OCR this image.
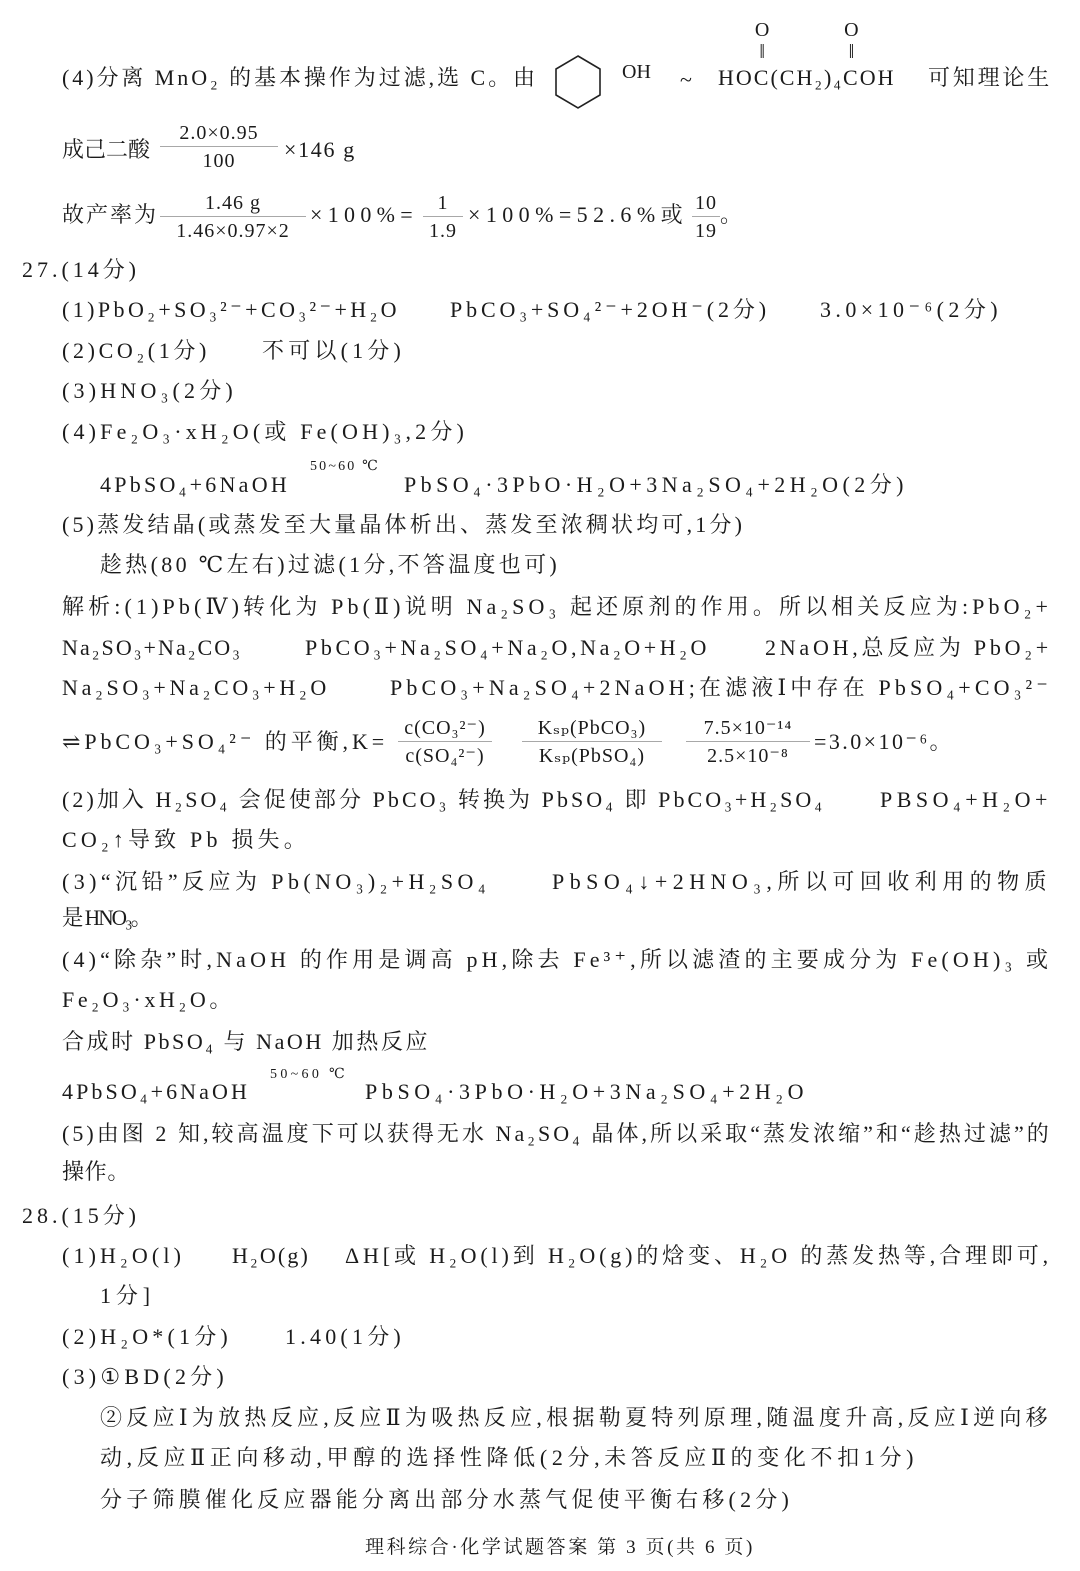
(4)分离 MnO₂ 的基本操作为过滤,选 C。由	OH ~ HOC
O
‖
(CH₂)₄C
O
‖
OH 可知理论生
成己二酸 $\frac{2.0\times 0.95}{100} \times 146$ g
故产率为 $\frac{1.46 g}{1.46\times 0.97\times 2} \times 100\%= \frac{1}{1.9} \times 100\%=52.6\%$或 $\frac{10}{19}$ 。
27.(14分)
(1)PbO₂+SO₃²⁻+CO₃²⁻+H₂O PbCO₃+SO₄²⁻+2OH⁻(2分) 3.0×10⁻⁶(2分)
(2)CO₂(1分) 不可以(1分)
(3)HNO₃(2分)
(4)Fe₂O₃·xH₂O(或 Fe(OH)₃,2分)
4PbSO₄+6NaOH
50~60 ℃
PbSO₄·3PbO·H₂O+3Na₂SO₄+2H₂O(2分)
(5)蒸发结晶(或蒸发至大量晶体析出、蒸发至浓稠状均可,1分)
趁热(80 ℃左右)过滤(1分,不答温度也可)
解析:(1)Pb(Ⅳ)转化为 Pb(Ⅱ)说明 Na₂SO₃ 起还原剂的作用。所以相关反应为:PbO₂+
Na₂SO₃+Na₂CO₃	PbCO₃+Na₂SO₄+Na₂O,Na₂O+H₂O 2NaOH,总反应为 PbO₂+
Na₂SO₃+Na₂CO₃+H₂O	PbCO₃+Na₂SO₄+2NaOH;在滤液Ⅰ中存在 PbSO₄+CO₃²⁻
⇌PbCO₃+SO₄²⁻ 的平衡$,K= \frac{\text{c(CO₃²⁻)}}{\text{c(SO₄²⁻)}}$	Kₛₚ(PbCO₃)
Kₛₚ(PbSO₄)	$\frac{\text{7.5×10⁻¹⁴}}{\text{2.5×10⁻⁸}} =3.0\times 10^{-6}$。
(2)加入 H₂SO₄ 会促使部分 PbCO₃ 转换为 PbSO₄ 即 PbCO₃+H₂SO₄ PBSO₄+H₂O+
CO₂↑导致 Pb 损失。
(3)“沉铅”反应为 Pb(NO₃)₂+H₂SO₄	PbSO₄↓+2HNO₃,所以可回收利用的物质
是 HNO₃。
(4)“除杂”时,NaOH 的作用是调高 pH,除去 Fe³⁺,所以滤渣的主要成分为 Fe(OH)₃ 或
Fe₂O₃·xH₂O。
合成时 PbSO₄ 与 NaOH 加热反应
4PbSO₄+6NaOH
50~60 ℃
PbSO₄·3PbO·H₂O+3Na₂SO₄+2H₂O
(5)由图 2 知,较高温度下可以获得无水 Na₂SO₄ 晶体,所以采取“蒸发浓缩”和“趁热过滤”的
操作。
28.(15分)
(1)H₂O(l) H₂O(g) ΔH[或 H₂O(l)到 H₂O(g)的焓变、H₂O 的蒸发热等,合理即可,
1分]
(2)H₂O*(1分) 1.40(1分)
(3)①BD(2分)
②反应Ⅰ为放热反应,反应Ⅱ为吸热反应,根据勒夏特列原理,随温度升高,反应Ⅰ逆向移
动,反应Ⅱ正向移动,甲醇的选择性降低(2分,未答反应Ⅱ的变化不扣1分)
分子筛膜催化反应器能分离出部分水蒸气促使平衡右移(2分)
理科综合·化学试题答案 第 3 页(共 6 页)
